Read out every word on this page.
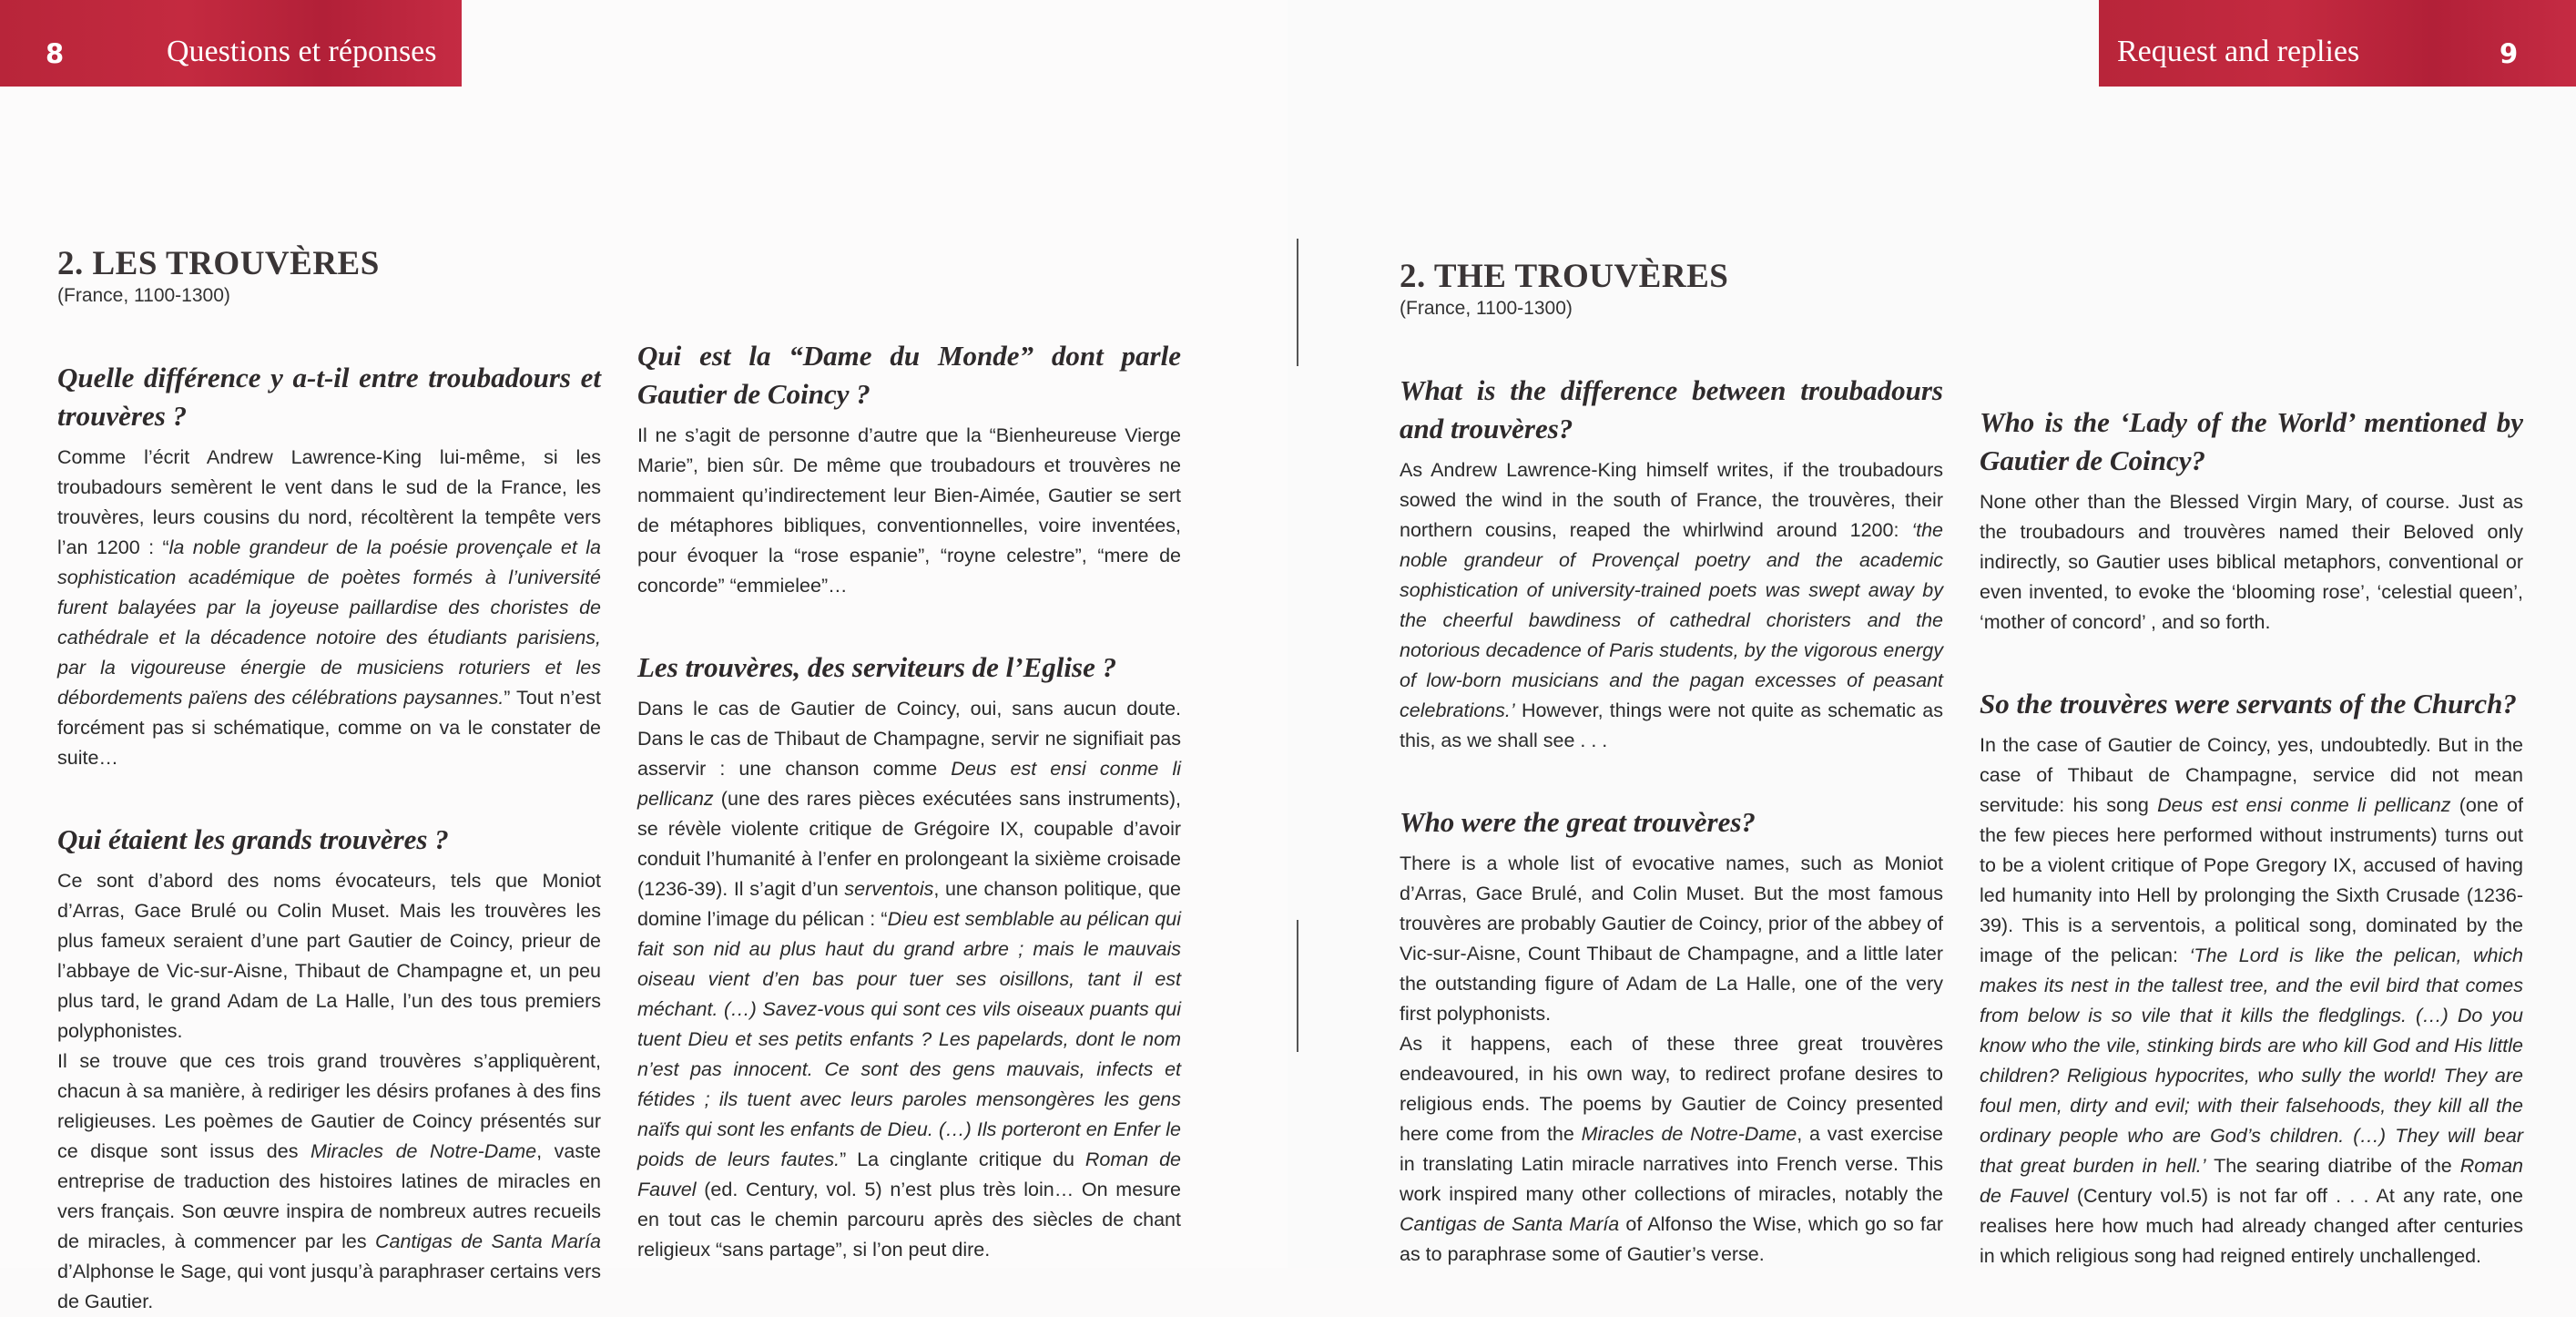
8	Questions et réponses	Request and replies	9
2. LES TROUVÈRES
(France, 1100-1300)
Quelle différence y a-t-il entre troubadours et trouvères ?

Comme l’écrit Andrew Lawrence-King lui-même, si les troubadours semèrent le vent dans le sud de la France, les trouvères, leurs cousins du nord, récoltèrent la tempête vers l’an 1200 : “la noble grandeur de la poésie provençale et la sophistication académique de poètes formés à l’université furent balayées par la joyeuse paillardise des choristes de cathédrale et la décadence notoire des étudiants parisiens, par la vigoureuse énergie de musiciens roturiers et les débordements païens des célébrations paysannes.” Tout n’est forcément pas si schématique, comme on va le constater de suite…

Qui étaient les grands trouvères ?

Ce sont d’abord des noms évocateurs, tels que Moniot d’Arras, Gace Brulé ou Colin Muset. Mais les trouvères les plus fameux seraient d’une part Gautier de Coincy, prieur de l’abbaye de Vic-sur-Aisne, Thibaut de Champagne et, un peu plus tard, le grand Adam de La Halle, l’un des tous premiers polyphonistes.

Il se trouve que ces trois grand trouvères s’appliquèrent, chacun à sa manière, à rediriger les désirs profanes à des fins religieuses. Les poèmes de Gautier de Coincy présentés sur ce disque sont issus des Miracles de Notre-Dame, vaste entreprise de traduction des histoires latines de miracles en vers français. Son œuvre inspira de nombreux autres recueils de miracles, à commencer par les Cantigas de Santa María d’Alphonse le Sage, qui vont jusqu’à paraphraser certains vers de Gautier.

Qui est la “Dame du Monde” dont parle Gautier de Coincy ?

Il ne s’agit de personne d’autre que la “Bienheureuse Vierge Marie”, bien sûr. De même que troubadours et trouvères ne nommaient qu’indirectement leur Bien-Aimée, Gautier se sert de métaphores bibliques, conventionnelles, voire inventées, pour évoquer la “rose espanie”, “royne celestre”, “mere de concorde” “emmielee”…

Les trouvères, des serviteurs de l’Eglise ?

Dans le cas de Gautier de Coincy, oui, sans aucun doute. Dans le cas de Thibaut de Champagne, servir ne signifiait pas asservir : une chanson comme Deus est ensi conme li pellicanz (une des rares pièces exécutées sans instruments), se révèle violente critique de Grégoire IX, coupable d’avoir conduit l’humanité à l’enfer en prolongeant la sixième croisade (1236-39). Il s’agit d’un serventois, une chanson politique, que domine l’image du pélican : “Dieu est semblable au pélican qui fait son nid au plus haut du grand arbre ; mais le mauvais oiseau vient d’en bas pour tuer ses oisillons, tant il est méchant. (…) Savez-vous qui sont ces vils oiseaux puants qui tuent Dieu et ses petits enfants ? Les papelards, dont le nom n’est pas innocent. Ce sont des gens mauvais, infects et fétides ; ils tuent avec leurs paroles mensongères les gens naïfs qui sont les enfants de Dieu. (…) Ils porteront en Enfer le poids de leurs fautes.” La cinglante critique du Roman de Fauvel (ed. Century, vol. 5) n’est plus très loin… On mesure en tout cas le chemin parcouru après des siècles de chant religieux “sans partage”, si l’on peut dire.

2. THE TROUVÈRES
(France, 1100-1300)
What is the difference between troubadours and trouvères?

As Andrew Lawrence-King himself writes, if the troubadours sowed the wind in the south of France, the trouvères, their northern cousins, reaped the whirlwind around 1200: ‘the noble grandeur of Provençal poetry and the academic sophistication of university-trained poets was swept away by the cheerful bawdiness of cathedral choristers and the notorious decadence of Paris students, by the vigorous energy of low-born musicians and the pagan excesses of peasant celebrations.’ However, things were not quite as schematic as this, as we shall see . . .

Who were the great trouvères?

There is a whole list of evocative names, such as Moniot d’Arras, Gace Brulé, and Colin Muset. But the most famous trouvères are probably Gautier de Coincy, prior of the abbey of Vic-sur-Aisne, Count Thibaut de Champagne, and a little later the outstanding figure of Adam de La Halle, one of the very first polyphonists.

As it happens, each of these three great trouvères endeavoured, in his own way, to redirect profane desires to religious ends. The poems by Gautier de Coincy presented here come from the Miracles de Notre-Dame, a vast exercise in translating Latin miracle narratives into French verse. This work inspired many other collections of miracles, notably the Cantigas de Santa María of Alfonso the Wise, which go so far as to paraphrase some of Gautier’s verse.

Who is the ‘Lady of the World’ mentioned by Gautier de Coincy?

None other than the Blessed Virgin Mary, of course. Just as the troubadours and trouvères named their Beloved only indirectly, so Gautier uses biblical metaphors, conventional or even invented, to evoke the ‘blooming rose’, ‘celestial queen’, ‘mother of concord’ , and so forth.

So the trouvères were servants of the Church?

In the case of Gautier de Coincy, yes, undoubtedly. But in the case of Thibaut de Champagne, service did not mean servitude: his song Deus est ensi conme li pellicanz (one of the few pieces here performed without instruments) turns out to be a violent critique of Pope Gregory IX, accused of having led humanity into Hell by prolonging the Sixth Crusade (1236-39). This is a serventois, a political song, dominated by the image of the pelican: ‘The Lord is like the pelican, which makes its nest in the tallest tree, and the evil bird that comes from below is so vile that it kills the fledglings. (…) Do you know who the vile, stinking birds are who kill God and His little children? Religious hypocrites, who sully the world! They are foul men, dirty and evil; with their falsehoods, they kill all the ordinary people who are God’s children. (…) They will bear that great burden in hell.’ The searing diatribe of the Roman de Fauvel (Century vol.5) is not far off . . . At any rate, one realises here how much had already changed after centuries in which religious song had reigned entirely unchallenged.
